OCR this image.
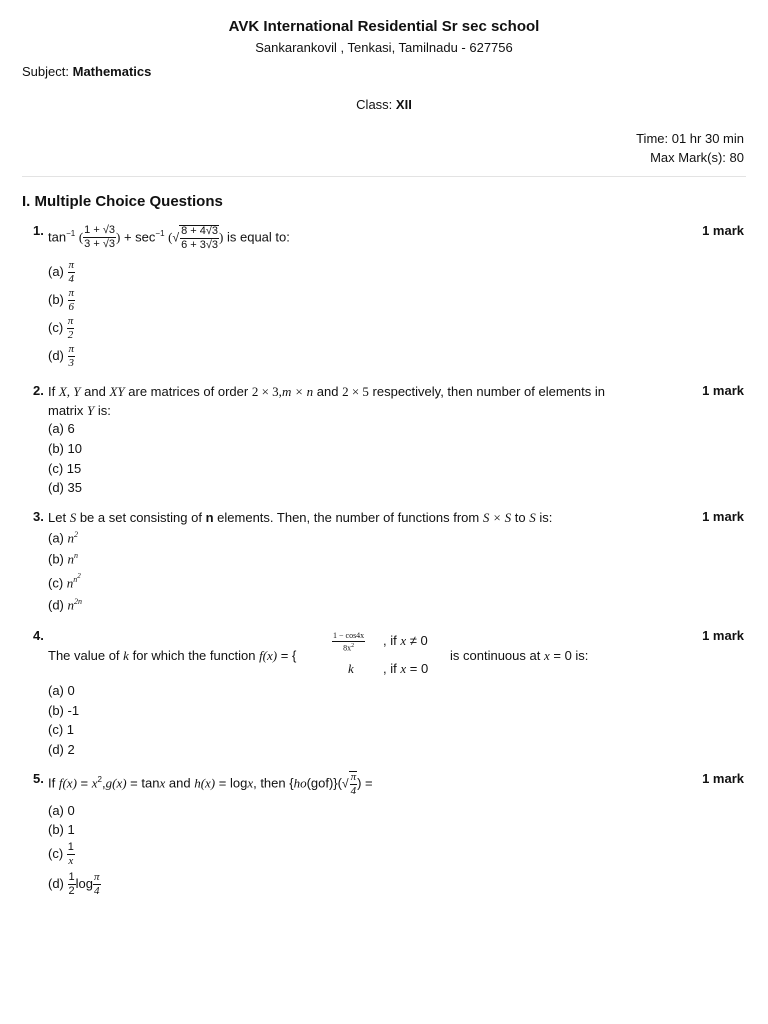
AVK International Residential Sr sec school
Sankarankovil , Tenkasi, Tamilnadu - 627756
Subject: Mathematics
Class: XII
Time: 01 hr 30 min
Max Mark(s): 80
I. Multiple Choice Questions
1.	1 mark
$\tan^{-1}$ ( $\frac{1 + √3}{3 + √3}$ ) + $\sec^{-1}$ (√ $\frac{8 + 4√3}{6 + 3√3}$ ) is equal to:
$(a) \frac{\pi}{4}$
$(b) \frac{\pi}{6}$
$(c) \frac{\pi}{2}$
$(d) \frac{\pi}{3}$
2.	1 mark
If X, Y and XY are matrices of order 2 × 3,m × n and 2 × 5 respectively, then number of elements in
matrix Y is:
(a) 6
(b) 10
(c) 15
(d) 35
3.	1 mark
Let S be a set consisting of n elements. Then, the number of functions from S × S to S is:
(a) $n^2$
(b) $n^n$
(c) $n^{n2}$
(d) $n^{2n}$
4.	1 mark
The value of k for which the function f(x) = {
$\frac{1 - \cos 4x}{8x^2}$ , if x ≠ 0
k , if x = 0
is continuous at x = 0 is:
(a) 0
(b) -1
(c) 1
(d) 2
5.	1 mark
If $f(x) = x^2,g(x) = \tan x$ and h(x) = logx, then $\{ho(gof)\}(√ \frac{\pi}{4}$ ) =
(a) 0
(b) 1
$(c) \frac{1}{x}$
$(d) \frac{1}{2}$ $\log \frac{\pi}{4}$
